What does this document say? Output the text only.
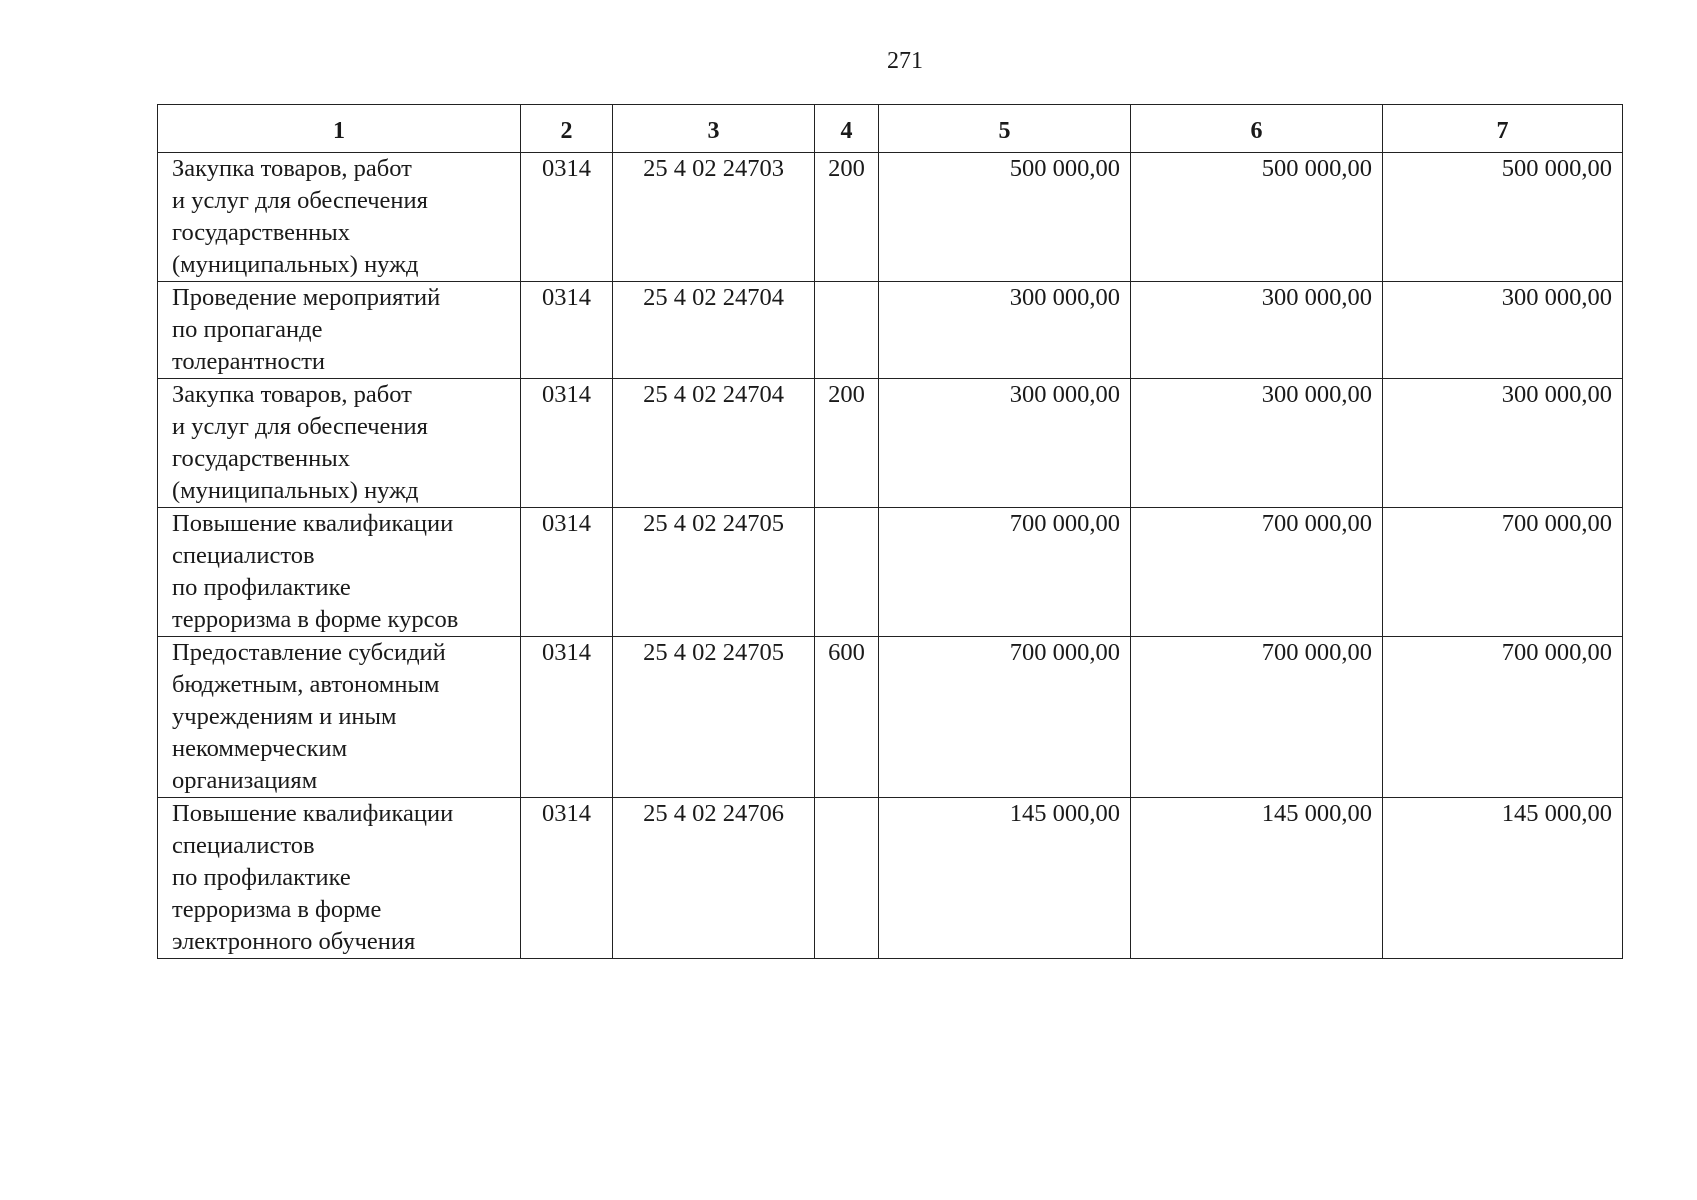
271
1	2	3	4	5	6	7

Закупка товаров, работ
и услуг для обеспечения
государственных
(муниципальных) нужд	0314	25 4 02 24703	200	500 000,00	500 000,00	500 000,00

Проведение мероприятий
по пропаганде
толерантности	0314	25 4 02 24704		300 000,00	300 000,00	300 000,00

Закупка товаров, работ
и услуг для обеспечения
государственных
(муниципальных) нужд	0314	25 4 02 24704	200	300 000,00	300 000,00	300 000,00

Повышение квалификации
специалистов
по профилактике
терроризма в форме курсов	0314	25 4 02 24705		700 000,00	700 000,00	700 000,00

Предоставление субсидий
бюджетным, автономным
учреждениям и иным
некоммерческим
организациям	0314	25 4 02 24705	600	700 000,00	700 000,00	700 000,00

Повышение квалификации
специалистов
по профилактике
терроризма в форме
электронного обучения	0314	25 4 02 24706		145 000,00	145 000,00	145 000,00
